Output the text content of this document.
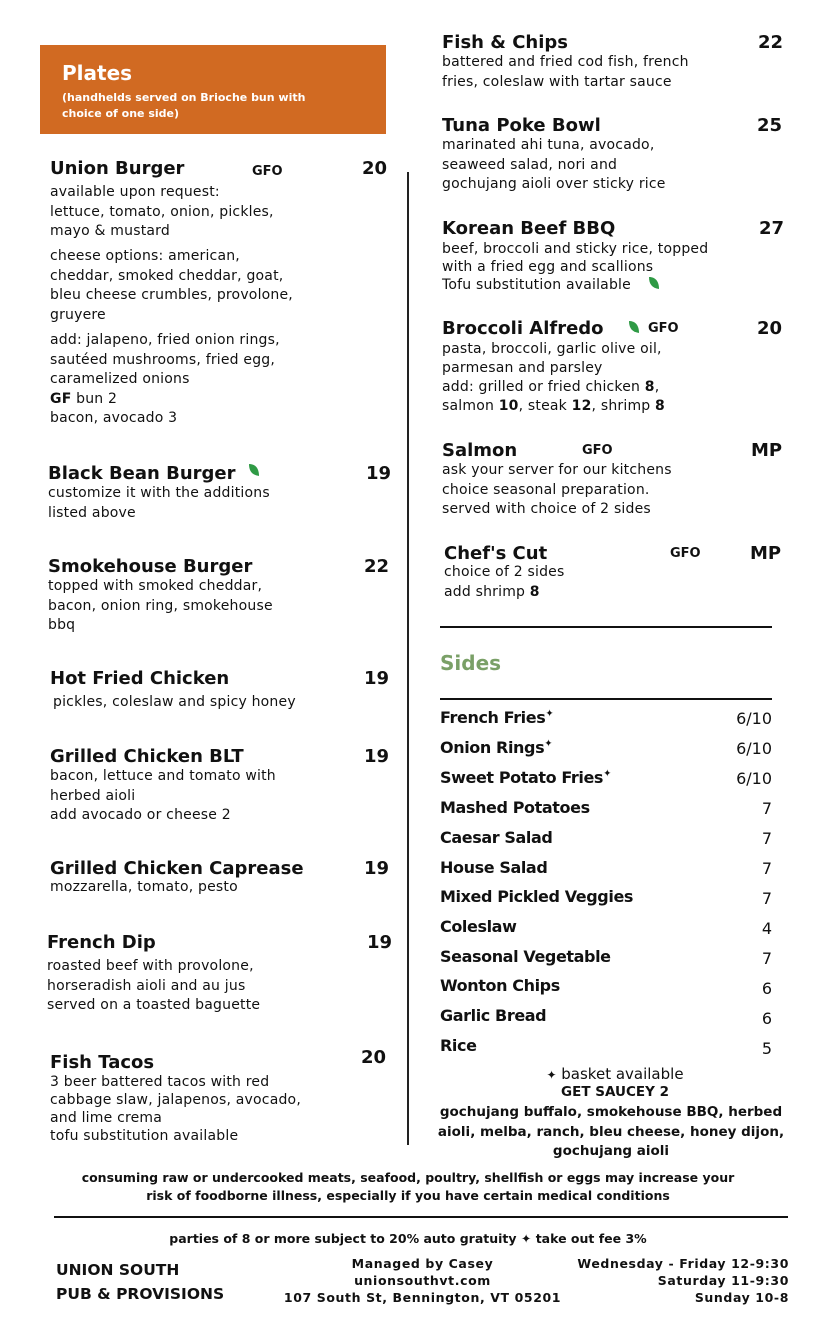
Plates
(handhelds served on Brioche bun with choice of one side)
Union Burger	GFO	20
available upon request:
lettuce, tomato, onion, pickles,
mayo & mustard
cheese options: american,
cheddar, smoked cheddar, goat,
bleu cheese crumbles, provolone,
gruyere
add: jalapeno, fried onion rings,
sautéed mushrooms, fried egg,
caramelized onions
GF bun 2
bacon, avocado 3
Black Bean Burger	19
customize it with the additions
listed above
Smokehouse Burger	22
topped with smoked cheddar,
bacon, onion ring, smokehouse
bbq
Hot Fried Chicken	19
pickles, coleslaw and spicy honey
Grilled Chicken BLT	19
bacon, lettuce and tomato with
herbed aioli
add avocado or cheese 2
Grilled Chicken Caprease	19
mozzarella, tomato, pesto
French Dip	19
roasted beef with provolone,
horseradish aioli and au jus
served on a toasted baguette
Fish Tacos	20
3 beer battered tacos with red
cabbage slaw, jalapenos, avocado,
and lime crema
tofu substitution available
Fish & Chips	22
battered and fried cod fish, french
fries, coleslaw with tartar sauce
Tuna Poke Bowl	25
marinated ahi tuna, avocado,
seaweed salad, nori and
gochujang aioli over sticky rice
Korean Beef BBQ	27
beef, broccoli and sticky rice, topped
with a fried egg and scallions
Tofu substitution available
Broccoli Alfredo	GFO	20
pasta, broccoli, garlic olive oil,
parmesan and parsley
add: grilled or fried chicken 8,
salmon 10, steak 12, shrimp 8
Salmon	GFO	MP
ask your server for our kitchens
choice seasonal preparation.
served with choice of 2 sides
Chef's Cut	GFO	MP
choice of 2 sides
add shrimp 8
Sides
French Fries✦	6/10
Onion Rings✦	6/10
Sweet Potato Fries✦	6/10
Mashed Potatoes	7
Caesar Salad	7
House Salad	7
Mixed Pickled Veggies	7
Coleslaw	4
Seasonal Vegetable	7
Wonton Chips	6
Garlic Bread	6
Rice	5
✦ basket available
GET SAUCEY 2
gochujang buffalo, smokehouse BBQ, herbed
aioli, melba, ranch, bleu cheese, honey dijon,
gochujang aioli
consuming raw or undercooked meats, seafood, poultry, shellfish or eggs may increase your
risk of foodborne illness, especially if you have certain medical conditions
parties of 8 or more subject to 20% auto gratuity ✦ take out fee 3%
UNION SOUTH
PUB & PROVISIONS
Managed by Casey
unionsouthvt.com
107 South St, Bennington, VT 05201
Wednesday - Friday 12-9:30
Saturday 11-9:30
Sunday 10-8
